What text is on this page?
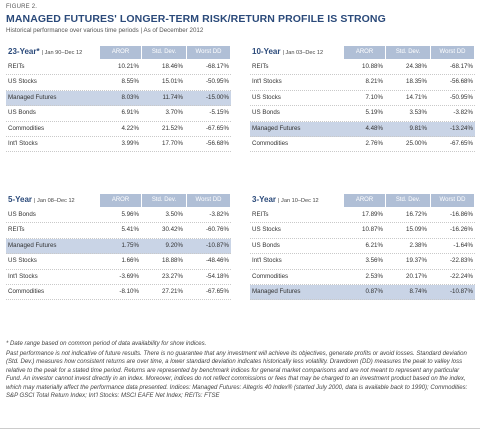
FIGURE 2.
MANAGED FUTURES' LONGER-TERM RISK/RETURN PROFILE IS STRONG
Historical performance over various time periods | As of December 2012
23-Year* | Jan 90–Dec 12	AROR	Std. Dev.	Worst DD
REITs	10.21%	18.46%	-68.17%
US Stocks	8.55%	15.01%	-50.95%
Managed Futures	8.03%	11.74%	-15.00%
US Bonds	6.91%	3.70%	-5.15%
Commodities	4.22%	21.52%	-67.65%
Int'l Stocks	3.99%	17.70%	-56.68%
10-Year | Jan 03–Dec 12	AROR	Std. Dev.	Worst DD
REITs	10.88%	24.38%	-68.17%
Int'l Stocks	8.21%	18.35%	-56.68%
US Stocks	7.10%	14.71%	-50.95%
US Bonds	5.19%	3.53%	-3.82%
Managed Futures	4.48%	9.81%	-13.24%
Commodities	2.76%	25.00%	-67.65%
5-Year | Jan 08–Dec 12	AROR	Std. Dev.	Worst DD
US Bonds	5.96%	3.50%	-3.82%
REITs	5.41%	30.42%	-60.76%
Managed Futures	1.75%	9.20%	-10.87%
US Stocks	1.66%	18.88%	-48.46%
Int'l Stocks	-3.69%	23.27%	-54.18%
Commodities	-8.10%	27.21%	-67.65%
3-Year | Jan 10–Dec 12	AROR	Std. Dev.	Worst DD
REITs	17.89%	16.72%	-16.86%
US Stocks	10.87%	15.09%	-16.26%
US Bonds	6.21%	2.38%	-1.64%
Int'l Stocks	3.56%	19.37%	-22.83%
Commodities	2.53%	20.17%	-22.24%
Managed Futures	0.87%	8.74%	-10.87%

* Date range based on common period of data availability for show indices.

Past performance is not indicative of future results. There is no guarantee that any investment will achieve its objectives, generate profits or avoid losses. Standard deviation (Std. Dev.) measures how consistent returns are over time, a lower standard deviation indicates historically less volatility. Drawdown (DD) measures the peak to valley loss relative to the peak for a stated time period. Returns are represented by benchmark indices for general market comparisons and are not meant to represent any particular Fund. An investor cannot invest directly in an index. Moreover, indices do not reflect commissions or fees that may be charged to an investment product based on the index, which may materially affect the performance data presented. Indices: Managed Futures: Altegris 40 Index® (started July 2000, data is available back to 1990); Commodities: S&P GSCI Total Return Index; Int'l Stocks: MSCI EAFE Net Index; REITs: FTSE
